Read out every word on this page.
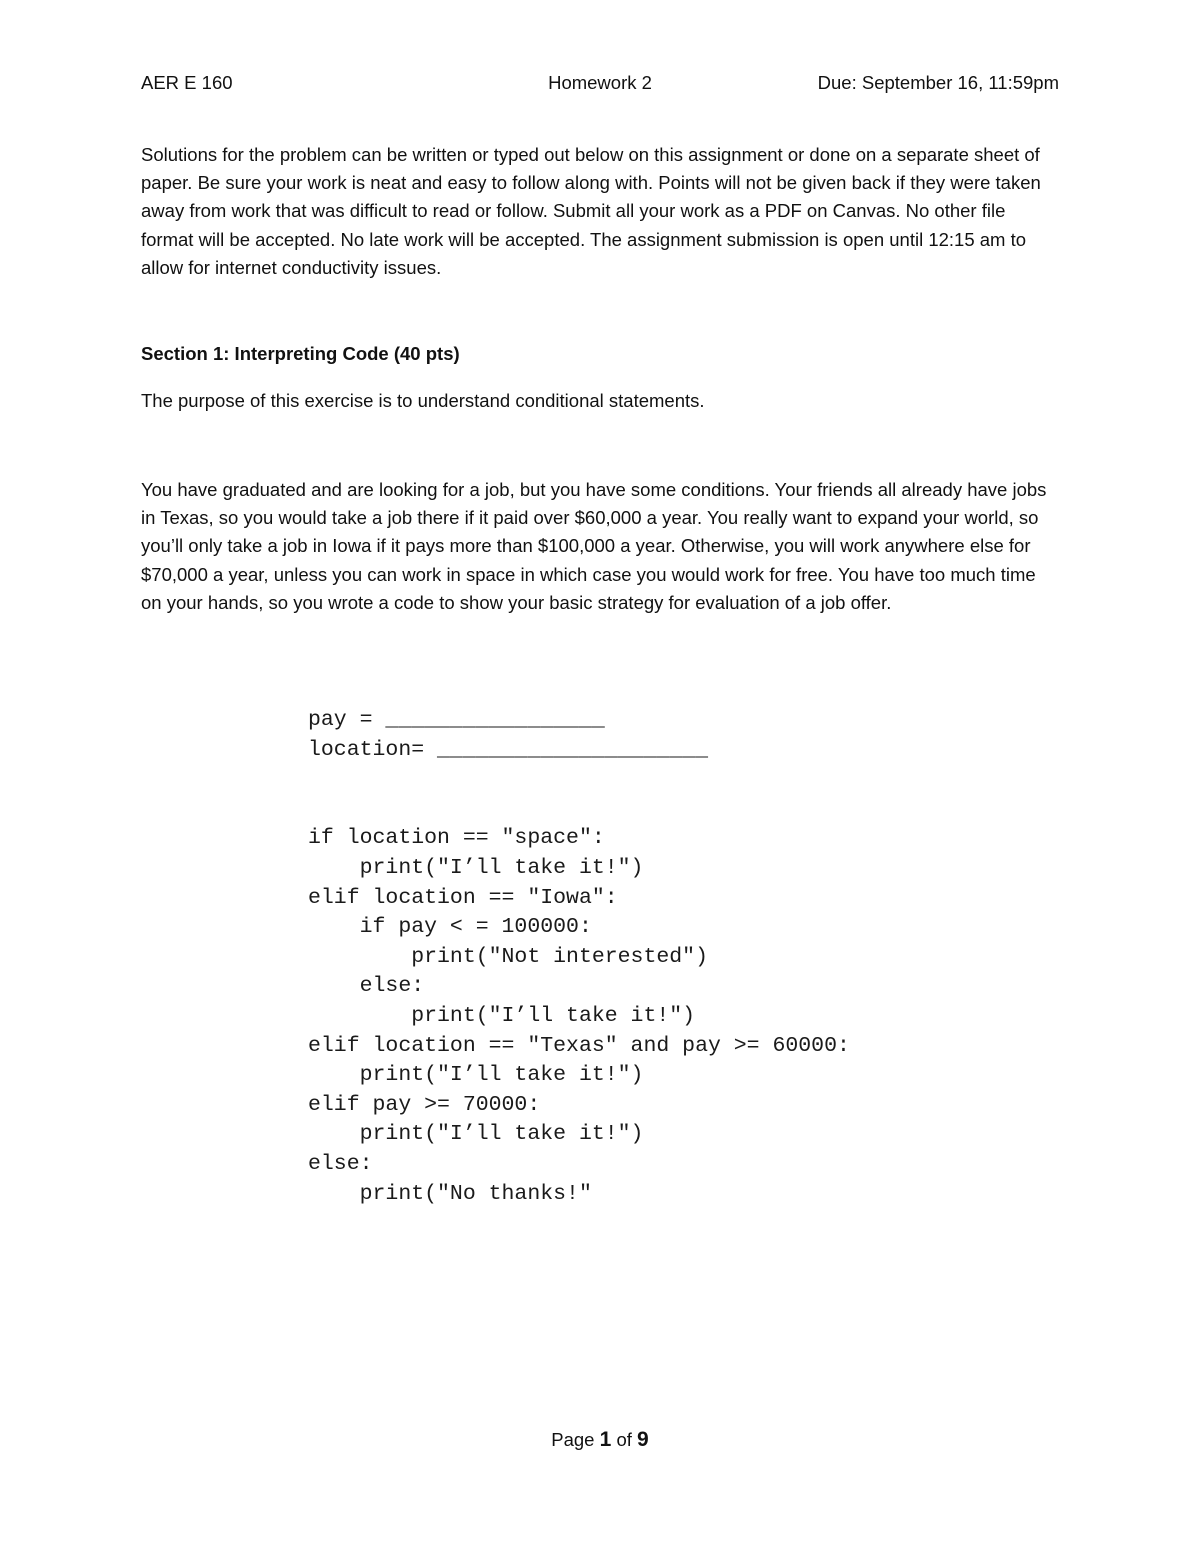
AER E 160	Homework 2	Due: September 16, 11:59pm

Solutions for the problem can be written or typed out below on this assignment or done on a separate sheet of paper. Be sure your work is neat and easy to follow along with. Points will not be given back if they were taken away from work that was difficult to read or follow. Submit all your work as a PDF on Canvas. No other file format will be accepted. No late work will be accepted. The assignment submission is open until 12:15 am to allow for internet conductivity issues.

Section 1: Interpreting Code (40 pts)

The purpose of this exercise is to understand conditional statements.

You have graduated and are looking for a job, but you have some conditions. Your friends all already have jobs in Texas, so you would take a job there if it paid over $60,000 a year. You really want to expand your world, so you’ll only take a job in Iowa if it pays more than $100,000 a year. Otherwise, you will work anywhere else for $70,000 a year, unless you can work in space in which case you would work for free. You have too much time on your hands, so you wrote a code to show your basic strategy for evaluation of a job offer.

pay = _________________
location= _____________________
if location == "space":
print("I’ll take it!")
elif location == "Iowa":
if pay < = 100000:
print("Not interested")
else:
print("I’ll take it!")
elif location == "Texas" and pay >= 60000:
print("I’ll take it!")
elif pay >= 70000:
print("I’ll take it!")
else:
print("No thanks!"
Page 1 of 9
